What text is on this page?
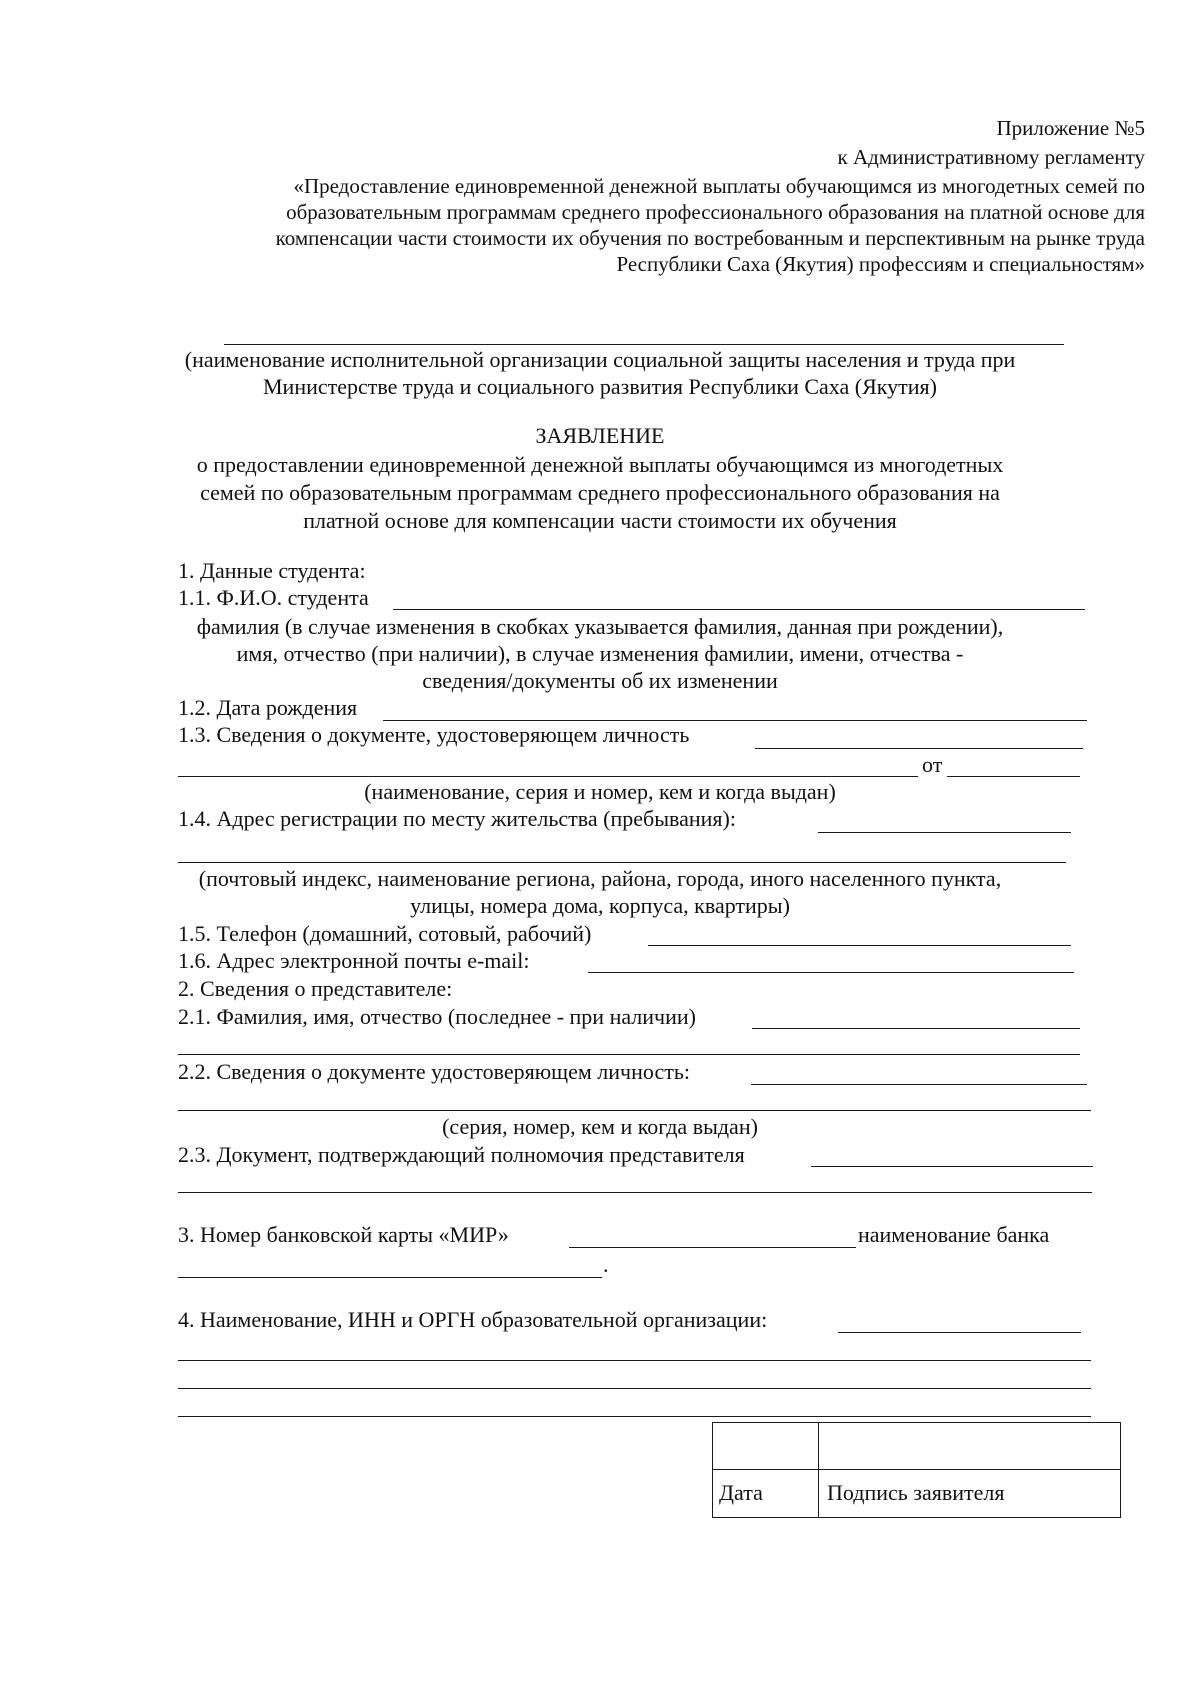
Приложение №5
к Административному регламенту
«Предоставление единовременной денежной выплаты обучающимся из многодетных семей по
образовательным программам среднего профессионального образования на платной основе для
компенсации части стоимости их обучения по востребованным и перспективным на рынке труда
Республики Саха (Якутия) профессиям и специальностям»
(наименование исполнительной организации социальной защиты населения и труда при
Министерстве труда и социального развития Республики Саха (Якутия)
ЗАЯВЛЕНИЕ
о предоставлении единовременной денежной выплаты обучающимся из многодетных
семей по образовательным программам среднего профессионального образования на
платной основе для компенсации части стоимости их обучения
1. Данные студента:
1.1. Ф.И.О. студента
фамилия (в случае изменения в скобках указывается фамилия, данная при рождении),
имя, отчество (при наличии), в случае изменения фамилии, имени, отчества -
сведения/документы об их изменении
1.2. Дата рождения
1.3. Сведения о документе, удостоверяющем личность
от
(наименование, серия и номер, кем и когда выдан)
1.4. Адрес регистрации по месту жительства (пребывания):
(почтовый индекс, наименование региона, района, города, иного населенного пункта,
улицы, номера дома, корпуса, квартиры)
1.5. Телефон (домашний, сотовый, рабочий)
1.6. Адрес электронной почты e-mail:
2. Сведения о представителе:
2.1. Фамилия, имя, отчество (последнее - при наличии)
2.2. Сведения о документе удостоверяющем личность:
(серия, номер, кем и когда выдан)
2.3. Документ, подтверждающий полномочия представителя
3. Номер банковской карты «МИР»	наименование банка
.
4. Наименование, ИНН и ОРГН образовательной организации:
Дата	Подпись заявителя
